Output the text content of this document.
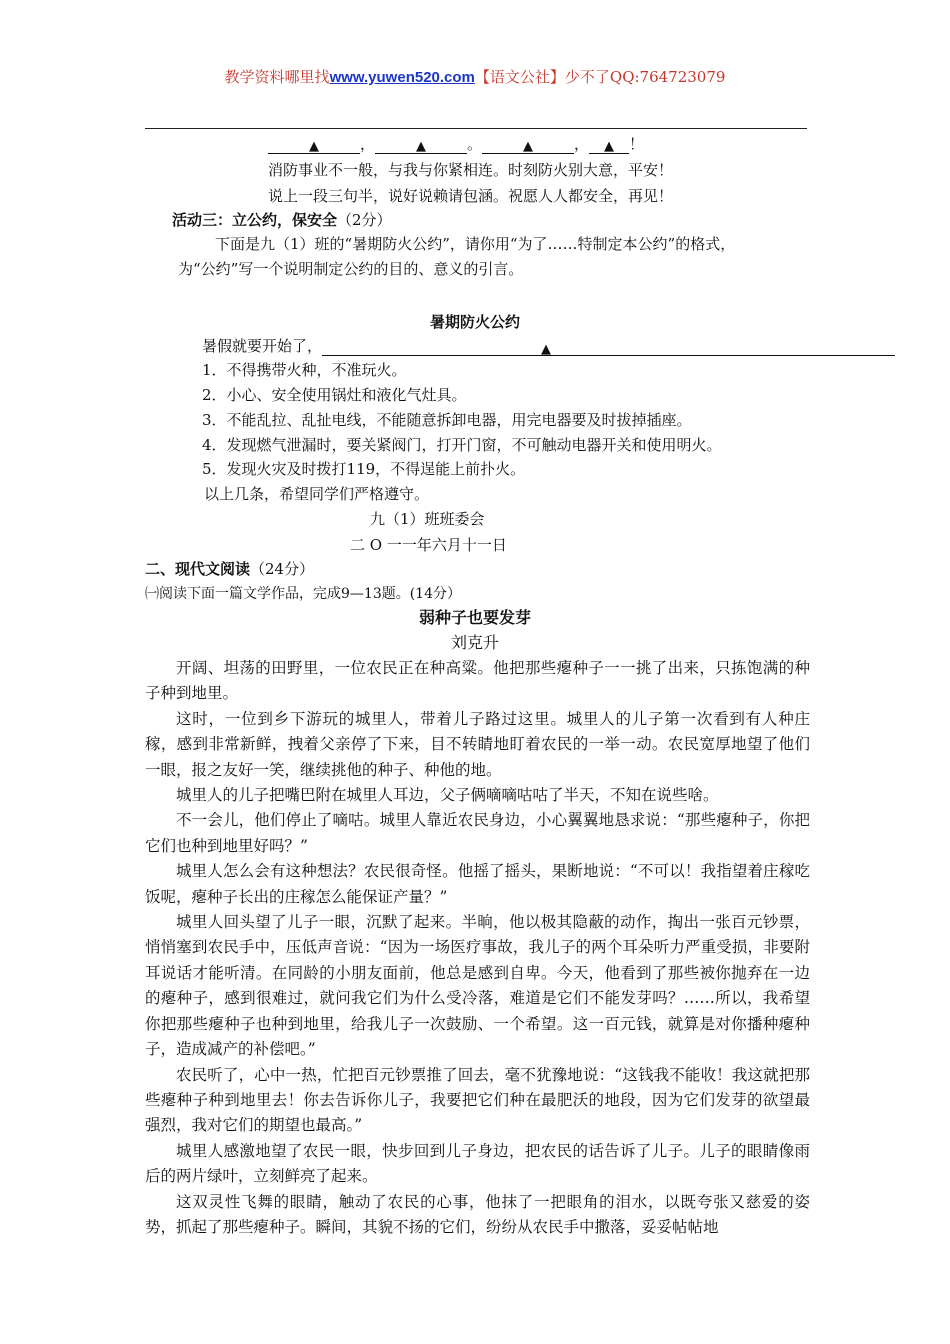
教学资料哪里找www.yuwen520.com【语文公社】少不了QQ:764723079
▲	，	▲	。	▲	， ▲ ！
消防事业不一般，与我与你紧相连。时刻防火别大意，平安！
说上一段三句半，说好说赖请包涵。祝愿人人都安全，再见！
活动三：立公约，保安全（2分）
下面是九（1）班的“暑期防火公约”，请你用“为了……特制定本公约”的格式，
为“公约”写一个说明制定公约的目的、意义的引言。
暑期防火公约
暑假就要开始了，	▲
1．不得携带火种，不准玩火。
2．小心、安全使用锅灶和液化气灶具。
3．不能乱拉、乱扯电线，不能随意拆卸电器，用完电器要及时拔掉插座。
4．发现燃气泄漏时，要关紧阀门，打开门窗，不可触动电器开关和使用明火。
5．发现火灾及时拨打119，不得逞能上前扑火。
以上几条，希望同学们严格遵守。
九（1）班班委会
二 O 一一年六月十一日
二、现代文阅读（24分）
㈠阅读下面一篇文学作品，完成9—13题。(14分）
弱种子也要发芽
刘克升

开阔、坦荡的田野里，一位农民正在种高粱。他把那些瘪种子一一挑了出来，只拣饱满的种子种到地里。

这时，一位到乡下游玩的城里人，带着儿子路过这里。城里人的儿子第一次看到有人种庄稼，感到非常新鲜，拽着父亲停了下来，目不转睛地盯着农民的一举一动。农民宽厚地望了他们一眼，报之友好一笑，继续挑他的种子、种他的地。

城里人的儿子把嘴巴附在城里人耳边，父子俩嘀嘀咕咕了半天，不知在说些啥。

不一会儿，他们停止了嘀咕。城里人靠近农民身边，小心翼翼地恳求说：“那些瘪种子，你把它们也种到地里好吗？”

城里人怎么会有这种想法？农民很奇怪。他摇了摇头，果断地说：“不可以！我指望着庄稼吃饭呢，瘪种子长出的庄稼怎么能保证产量？”

城里人回头望了儿子一眼，沉默了起来。半晌，他以极其隐蔽的动作，掏出一张百元钞票，悄悄塞到农民手中，压低声音说：“因为一场医疗事故，我儿子的两个耳朵听力严重受损，非要附耳说话才能听清。在同龄的小朋友面前，他总是感到自卑。今天，他看到了那些被你抛弃在一边的瘪种子，感到很难过，就问我它们为什么受冷落，难道是它们不能发芽吗？……所以，我希望你把那些瘪种子也种到地里，给我儿子一次鼓励、一个希望。这一百元钱，就算是对你播种瘪种子，造成减产的补偿吧。”

农民听了，心中一热，忙把百元钞票推了回去，毫不犹豫地说：“这钱我不能收！我这就把那些瘪种子种到地里去！你去告诉你儿子，我要把它们种在最肥沃的地段，因为它们发芽的欲望最强烈，我对它们的期望也最高。”

城里人感激地望了农民一眼，快步回到儿子身边，把农民的话告诉了儿子。儿子的眼睛像雨后的两片绿叶，立刻鲜亮了起来。

这双灵性飞舞的眼睛，触动了农民的心事，他抹了一把眼角的泪水，以既夸张又慈爱的姿势，抓起了那些瘪种子。瞬间，其貌不扬的它们，纷纷从农民手中撒落，妥妥帖帖地
